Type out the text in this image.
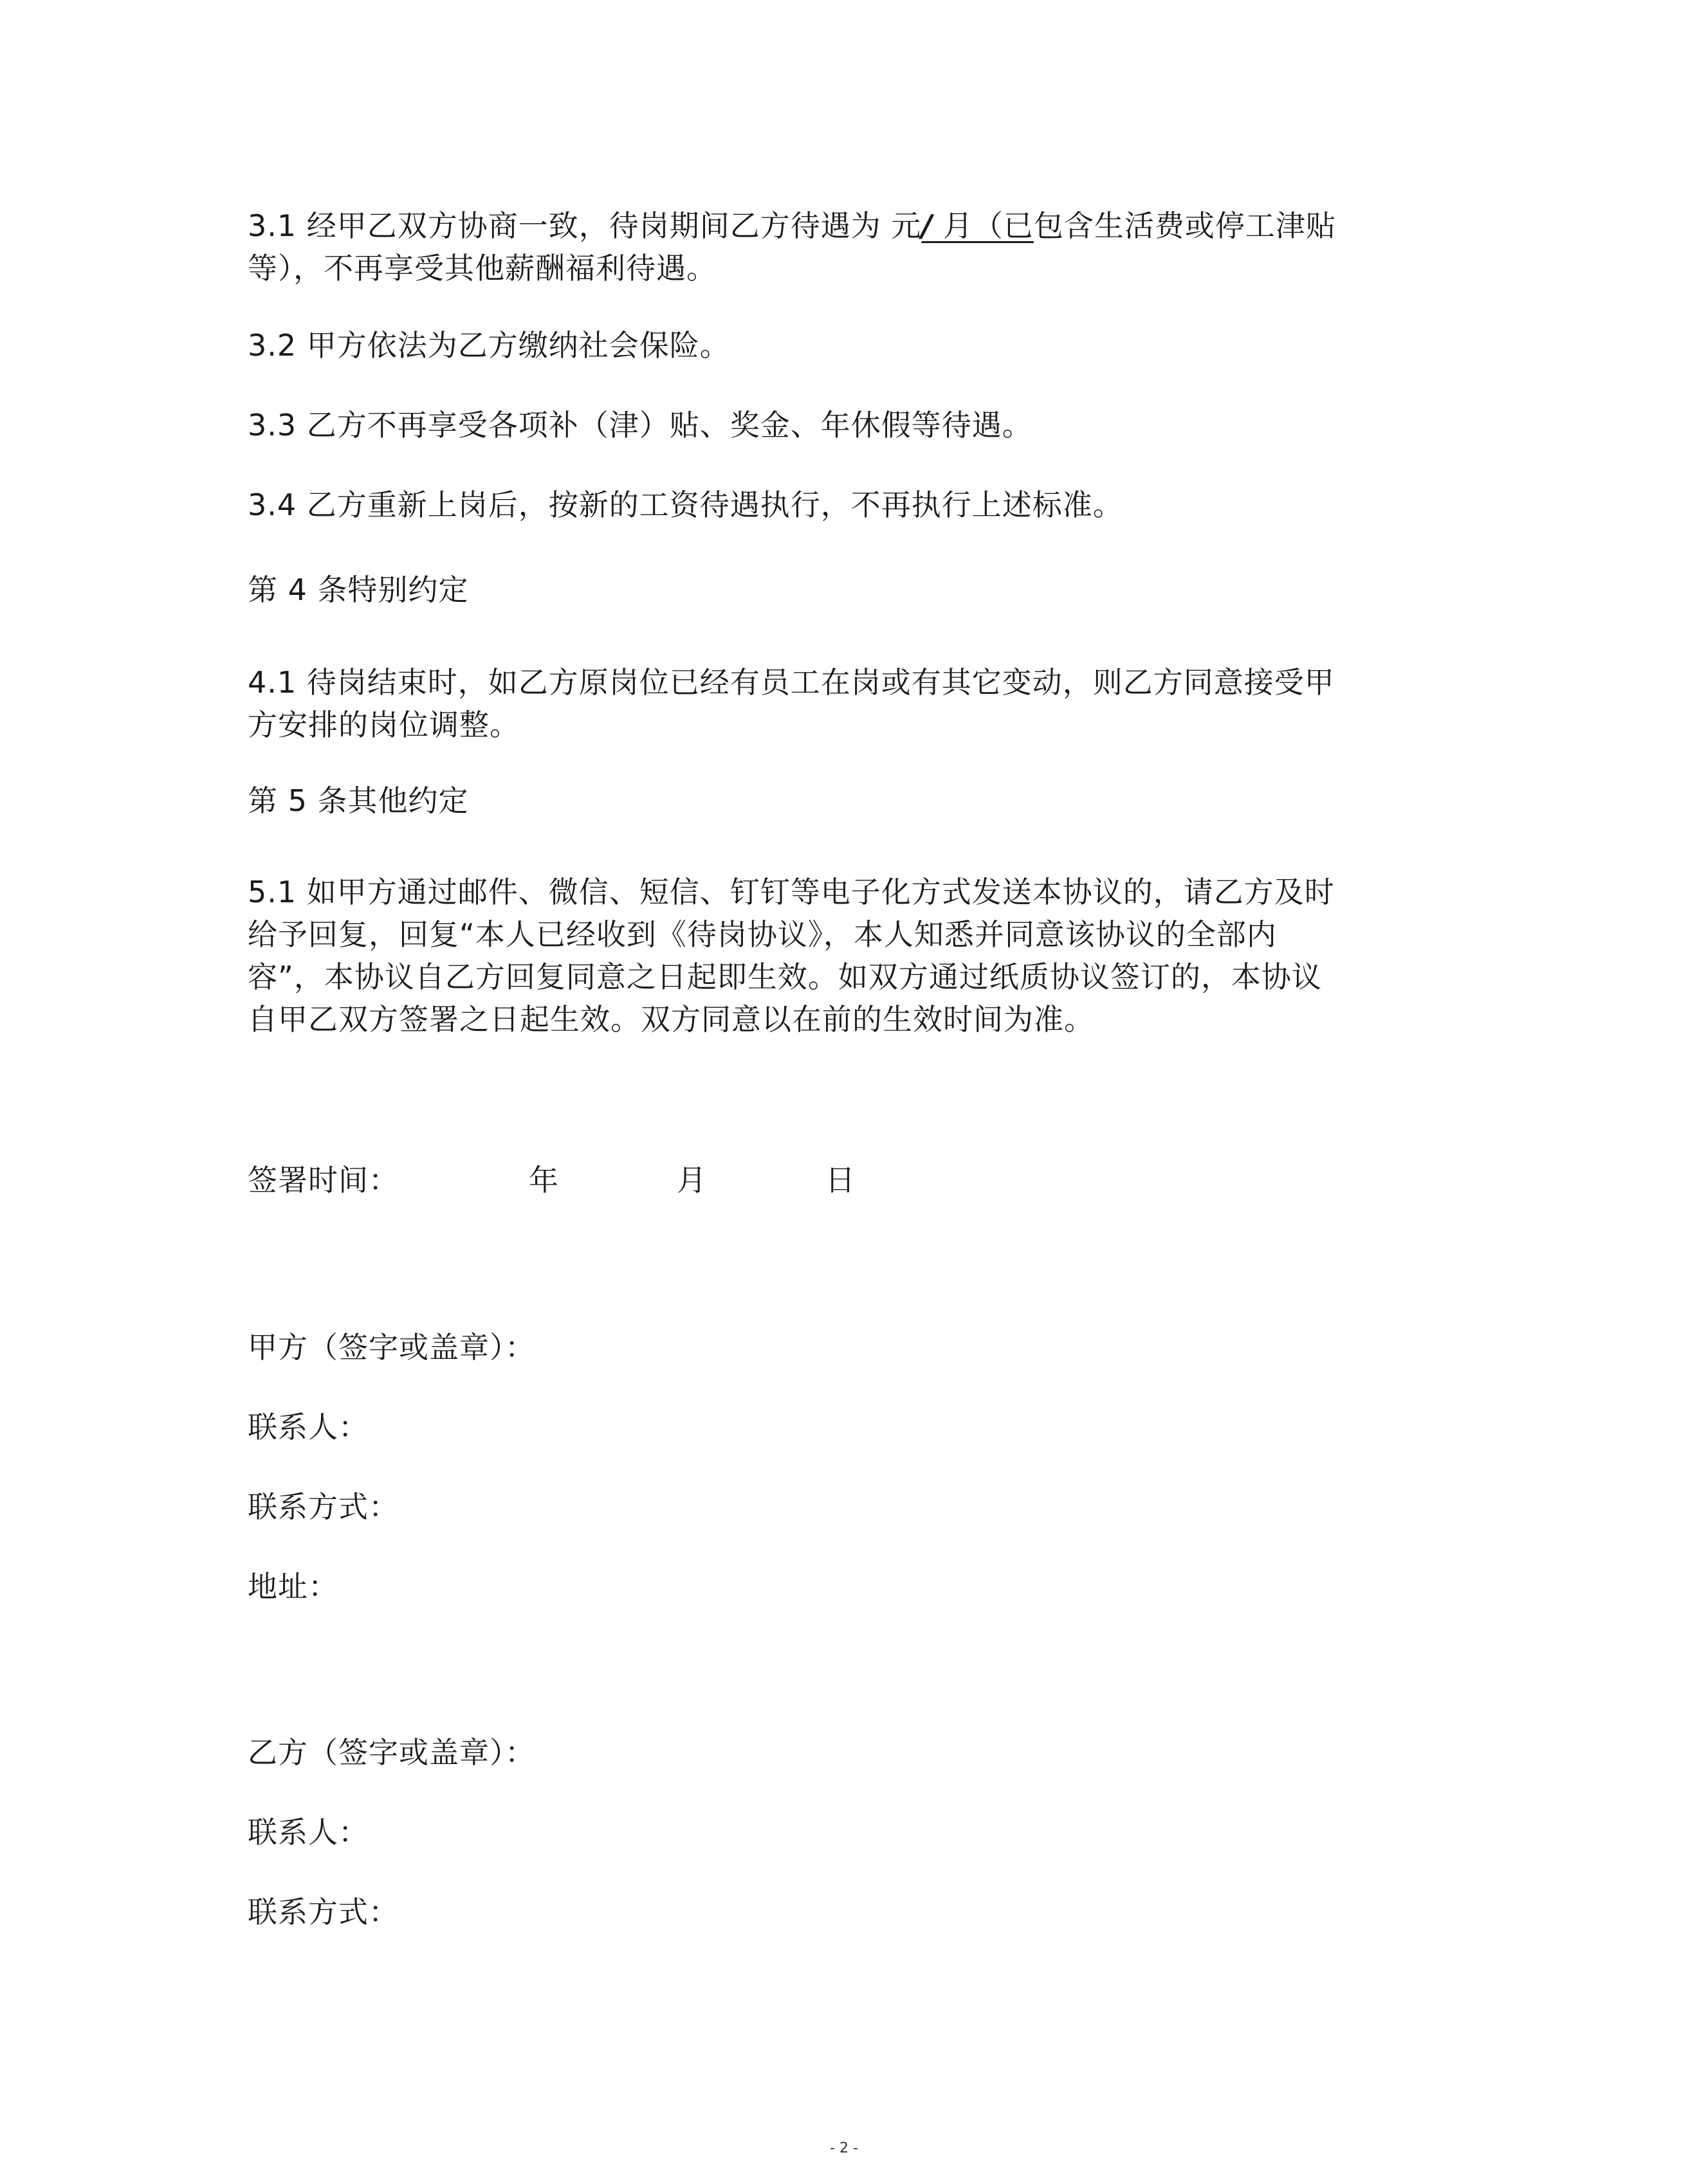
3.1 经甲乙双方协商一致，待岗期间乙方待遇为 元/ 月（已包含生活费或停工津贴
等），不再享受其他薪酬福利待遇。
3.2 甲方依法为乙方缴纳社会保险。
3.3 乙方不再享受各项补（津）贴、奖金、年休假等待遇。
3.4 乙方重新上岗后，按新的工资待遇执行，不再执行上述标准。
第 4 条特别约定
4.1 待岗结束时，如乙方原岗位已经有员工在岗或有其它变动，则乙方同意接受甲
方安排的岗位调整。
第 5 条其他约定
5.1 如甲方通过邮件、微信、短信、钉钉等电子化方式发送本协议的，请乙方及时
给予回复，回复“本人已经收到《待岗协议》，本人知悉并同意该协议的全部内
容”，本协议自乙方回复同意之日起即生效。如双方通过纸质协议签订的，本协议
自甲乙双方签署之日起生效。双方同意以在前的生效时间为准。
签署时间：	年	月	日
甲方（签字或盖章）：
联系人：
联系方式：
地址：
乙方（签字或盖章）：
联系人：
联系方式：
- 2 -
